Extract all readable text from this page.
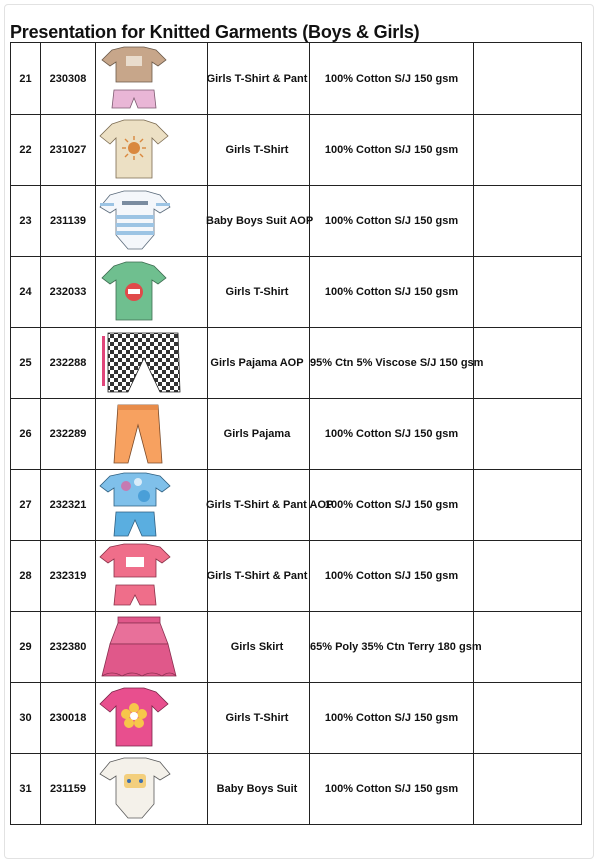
Presentation for Knitted Garments (Boys & Girls)
21	230308		Girls T-Shirt & Pant	100% Cotton S/J 150 gsm	

22	231027		Girls T-Shirt	100% Cotton S/J 150 gsm	

23	231139		Baby Boys Suit AOP	100% Cotton S/J 150 gsm	

24	232033		Girls T-Shirt	100% Cotton S/J 150 gsm	

25	232288		Girls Pajama AOP	95% Ctn 5% Viscose S/J 150 gsm	

26	232289		Girls Pajama	100% Cotton S/J 150 gsm	

27	232321		Girls T-Shirt & Pant AOP	100% Cotton S/J 150 gsm	

28	232319		Girls T-Shirt & Pant	100% Cotton S/J 150 gsm	

29	232380		Girls Skirt	65% Poly 35% Ctn Terry 180 gsm	

30	230018		Girls T-Shirt	100% Cotton S/J 150 gsm	

31	231159		Baby Boys Suit	100% Cotton S/J 150 gsm	
